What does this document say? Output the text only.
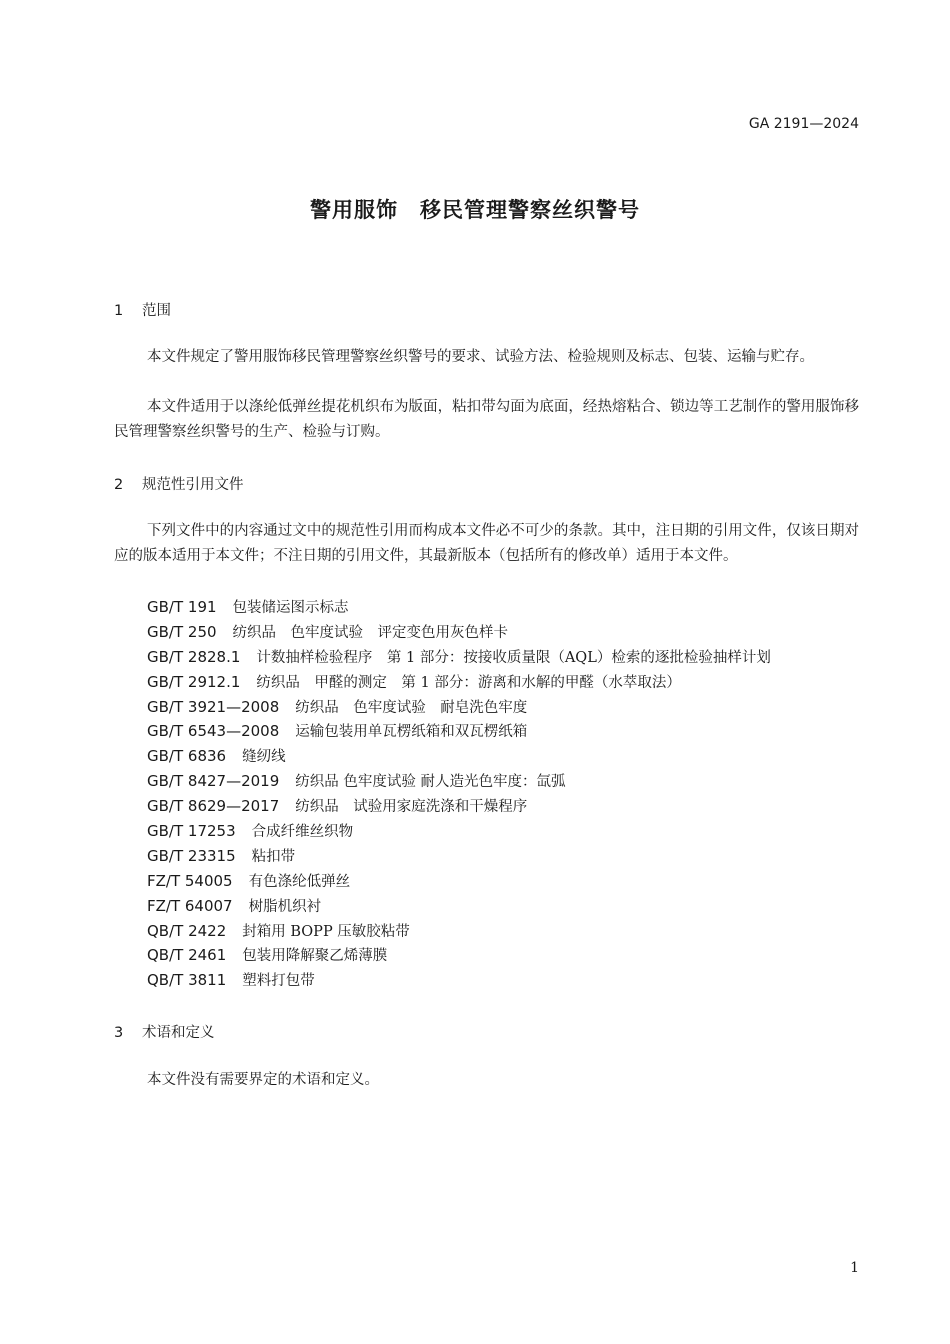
GA 2191—2024
警用服饰　移民管理警察丝织警号
1 范围
本文件规定了警用服饰移民管理警察丝织警号的要求、试验方法、检验规则及标志、包装、运输与贮存。
本文件适用于以涤纶低弹丝提花机织布为版面，粘扣带勾面为底面，经热熔粘合、锁边等工艺制作的警用服饰移民管理警察丝织警号的生产、检验与订购。
2 规范性引用文件
下列文件中的内容通过文中的规范性引用而构成本文件必不可少的条款。其中，注日期的引用文件，仅该日期对应的版本适用于本文件；不注日期的引用文件，其最新版本（包括所有的修改单）适用于本文件。
GB/T 191 包装储运图示标志
GB/T 250 纺织品　色牢度试验　评定变色用灰色样卡
GB/T 2828.1 计数抽样检验程序　第 1 部分：按接收质量限（AQL）检索的逐批检验抽样计划
GB/T 2912.1 纺织品　甲醛的测定　第 1 部分：游离和水解的甲醛（水萃取法）
GB/T 3921—2008 纺织品　色牢度试验　耐皂洗色牢度
GB/T 6543—2008 运输包装用单瓦楞纸箱和双瓦楞纸箱
GB/T 6836 缝纫线
GB/T 8427—2019 纺织品 色牢度试验 耐人造光色牢度：氙弧
GB/T 8629—2017 纺织品　试验用家庭洗涤和干燥程序
GB/T 17253 合成纤维丝织物
GB/T 23315 粘扣带
FZ/T 54005 有色涤纶低弹丝
FZ/T 64007 树脂机织衬
QB/T 2422 封箱用 BOPP 压敏胶粘带
QB/T 2461 包装用降解聚乙烯薄膜
QB/T 3811 塑料打包带
3 术语和定义
本文件没有需要界定的术语和定义。
1
